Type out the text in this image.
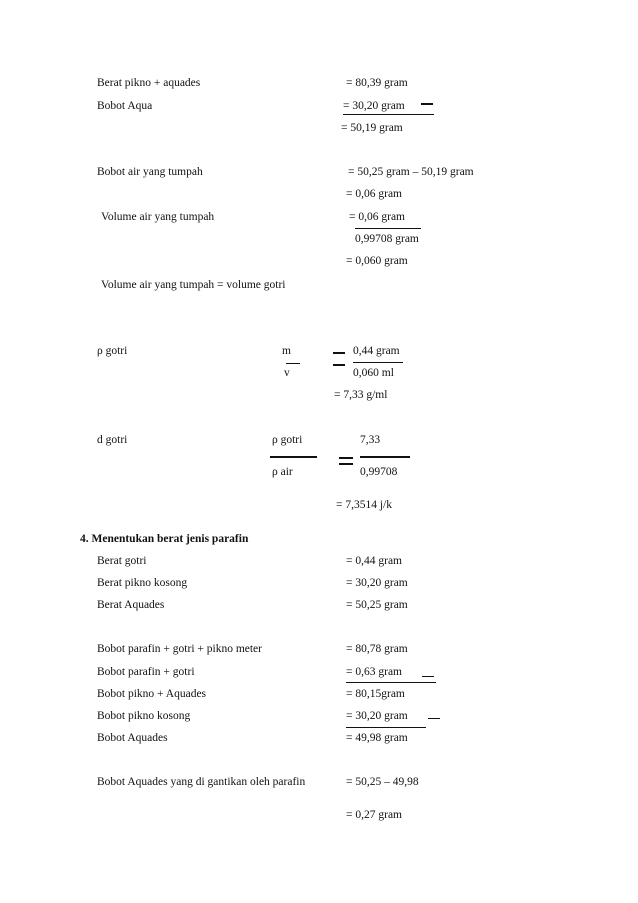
Berat pikno + aquades	= 80,39 gram
Bobot Aqua	= 30,20 gram
= 50,19 gram
Bobot air yang tumpah	= 50,25 gram – 50,19 gram
= 0,06 gram
Volume air yang tumpah	= 0,06 gram
0,99708 gram
= 0,060 gram
Volume air yang tumpah = volume gotri
ρ gotri	m
v
0,44 gram
0,060 ml
= 7,33 g/ml
d gotri	ρ gotri
ρ air
7,33
0,99708
= 7,3514 j/k
4. Menentukan berat jenis parafin
Berat gotri	= 0,44 gram
Berat pikno kosong	= 30,20 gram
Berat Aquades	= 50,25 gram
Bobot parafin + gotri + pikno meter	= 80,78 gram
Bobot parafin + gotri	= 0,63 gram
Bobot pikno + Aquades	= 80,15gram
Bobot pikno kosong	= 30,20 gram
Bobot Aquades	= 49,98 gram
Bobot Aquades yang di gantikan oleh parafin	= 50,25 – 49,98
= 0,27 gram
